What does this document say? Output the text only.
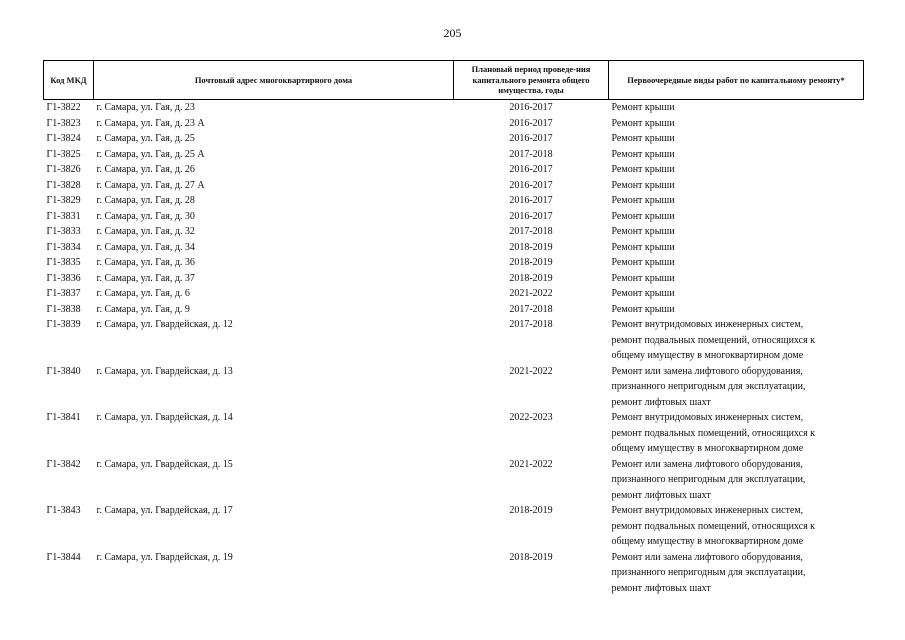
205
Код МКД	Почтовый адрес многоквартирного дома	Плановый период проведе-ния капитального ремонта общего имущества, годы	Первоочередные виды работ по капитальному ремонту*
Г1-3822	г. Самара, ул. Гая, д. 23	2016-2017	Ремонт крыши

Г1-3823	г. Самара, ул. Гая, д. 23 А	2016-2017	Ремонт крыши

Г1-3824	г. Самара, ул. Гая, д. 25	2016-2017	Ремонт крыши

Г1-3825	г. Самара, ул. Гая, д. 25 А	2017-2018	Ремонт крыши

Г1-3826	г. Самара, ул. Гая, д. 26	2016-2017	Ремонт крыши

Г1-3828	г. Самара, ул. Гая, д. 27 А	2016-2017	Ремонт крыши

Г1-3829	г. Самара, ул. Гая, д. 28	2016-2017	Ремонт крыши

Г1-3831	г. Самара, ул. Гая, д. 30	2016-2017	Ремонт крыши

Г1-3833	г. Самара, ул. Гая, д. 32	2017-2018	Ремонт крыши

Г1-3834	г. Самара, ул. Гая, д. 34	2018-2019	Ремонт крыши

Г1-3835	г. Самара, ул. Гая, д. 36	2018-2019	Ремонт крыши

Г1-3836	г. Самара, ул. Гая, д. 37	2018-2019	Ремонт крыши

Г1-3837	г. Самара, ул. Гая, д. 6	2021-2022	Ремонт крыши

Г1-3838	г. Самара, ул. Гая, д. 9	2017-2018	Ремонт крыши

Г1-3839	г. Самара, ул. Гвардейская, д. 12	2017-2018	Ремонт внутридомовых инженерных систем,
ремонт подвальных помещений, относящихся к
общему имуществу в многоквартирном доме

Г1-3840	г. Самара, ул. Гвардейская, д. 13	2021-2022	Ремонт или замена лифтового оборудования,
признанного непригодным для эксплуатации,
ремонт лифтовых шахт

Г1-3841	г. Самара, ул. Гвардейская, д. 14	2022-2023	Ремонт внутридомовых инженерных систем,
ремонт подвальных помещений, относящихся к
общему имуществу в многоквартирном доме

Г1-3842	г. Самара, ул. Гвардейская, д. 15	2021-2022	Ремонт или замена лифтового оборудования,
признанного непригодным для эксплуатации,
ремонт лифтовых шахт

Г1-3843	г. Самара, ул. Гвардейская, д. 17	2018-2019	Ремонт внутридомовых инженерных систем,
ремонт подвальных помещений, относящихся к
общему имуществу в многоквартирном доме

Г1-3844	г. Самара, ул. Гвардейская, д. 19	2018-2019	Ремонт или замена лифтового оборудования,
признанного непригодным для эксплуатации,
ремонт лифтовых шахт
